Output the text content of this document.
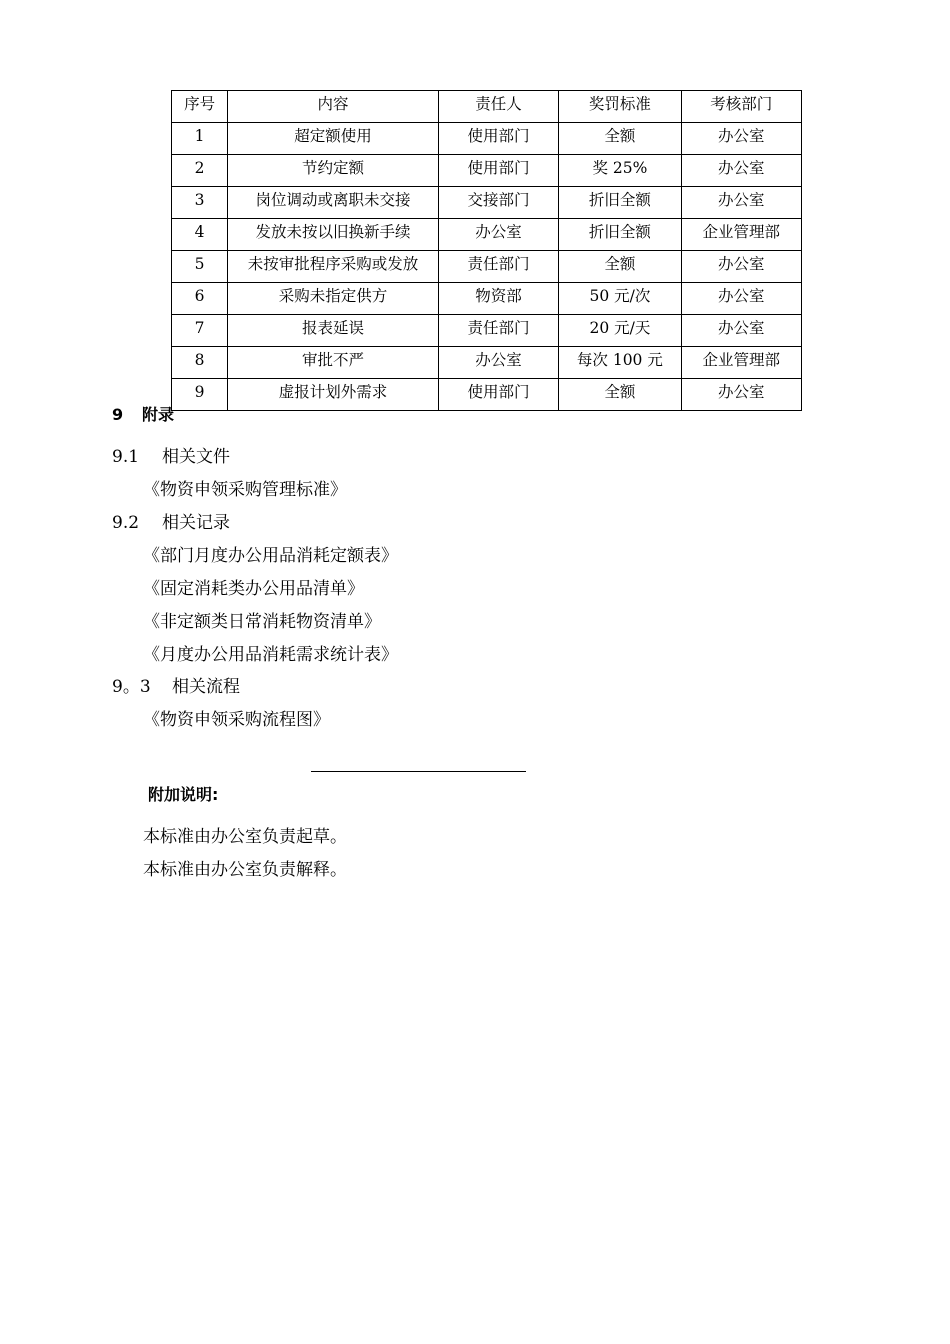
序号	内容	责任人	奖罚标准	考核部门
1	超定额使用	使用部门	全额	办公室
2	节约定额	使用部门	奖 25%	办公室
3	岗位调动或离职未交接	交接部门	折旧全额	办公室
4	发放未按以旧换新手续	办公室	折旧全额	企业管理部
5	未按审批程序采购或发放	责任部门	全额	办公室
6	采购未指定供方	物资部	50 元/次	办公室
7	报表延误	责任部门	20 元/天	办公室
8	审批不严	办公室	每次 100 元	企业管理部
9	虚报计划外需求	使用部门	全额	办公室
9 附录
9.1 相关文件
《物资申领采购管理标准》
9.2 相关记录
《部门月度办公用品消耗定额表》
《固定消耗类办公用品清单》
《非定额类日常消耗物资清单》
《月度办公用品消耗需求统计表》
9。3 相关流程
《物资申领采购流程图》
附加说明:
本标准由办公室负责起草。
本标准由办公室负责解释。
